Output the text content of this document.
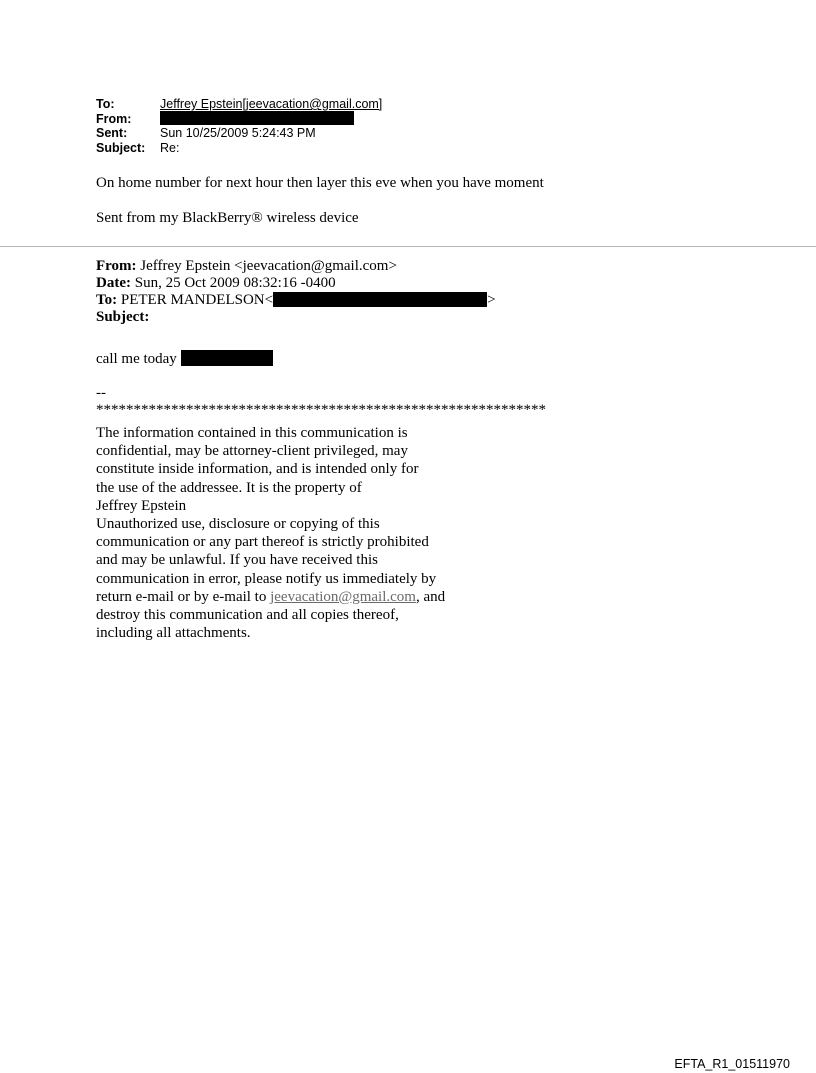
To:	Jeffrey Epstein[jeevacation@gmail.com]
From:
Sent:	Sun 10/25/2009 5:24:43 PM
Subject:	Re:
On home number for next hour then layer this eve when you have moment
Sent from my BlackBerry® wireless device
From: Jeffrey Epstein <jeevacation@gmail.com>
Date: Sun, 25 Oct 2009 08:32:16 -0400
To: PETER MANDELSON<	>
Subject:
call me today
--
************************************************************
The information contained in this communication is
confidential, may be attorney-client privileged, may
constitute inside information, and is intended only for
the use of the addressee. It is the property of
Jeffrey Epstein
Unauthorized use, disclosure or copying of this
communication or any part thereof is strictly prohibited
and may be unlawful. If you have received this
communication in error, please notify us immediately by
return e-mail or by e-mail to jeevacation@gmail.com, and
destroy this communication and all copies thereof,
including all attachments.
EFTA_R1_01511970
